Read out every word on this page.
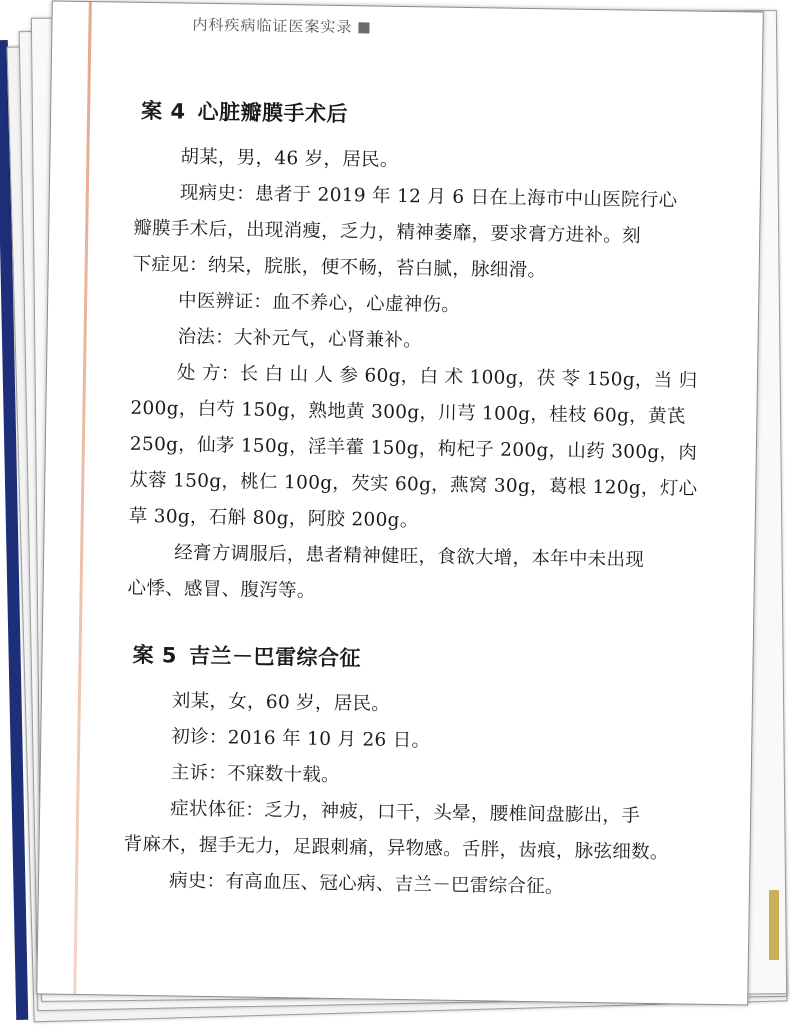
内科疾病临证医案实录
案 4 心脏瓣膜手术后

胡某，男，46 岁，居民。

现病史：患者于 2019 年 12 月 6 日在上海市中山医院行心

瓣膜手术后，出现消瘦，乏力，精神萎靡，要求膏方进补。刻

下症见：纳呆，脘胀，便不畅，苔白腻，脉细滑。

中医辨证：血不养心，心虚神伤。

治法：大补元气，心肾兼补。

处 方：长 白 山 人 参 60g，白 术 100g，茯 苓 150g，当 归

200g，白芍 150g，熟地黄 300g，川芎 100g，桂枝 60g，黄芪

250g，仙茅 150g，淫羊藿 150g，枸杞子 200g，山药 300g，肉

苁蓉 150g，桃仁 100g，芡实 60g，燕窝 30g，葛根 120g，灯心

草 30g，石斛 80g，阿胶 200g。

经膏方调服后，患者精神健旺，食欲大增，本年中未出现

心悸、感冒、腹泻等。

案 5 吉兰－巴雷综合征

刘某，女，60 岁，居民。

初诊：2016 年 10 月 26 日。

主诉：不寐数十载。

症状体征：乏力，神疲，口干，头晕，腰椎间盘膨出，手

背麻木，握手无力，足跟刺痛，异物感。舌胖，齿痕，脉弦细数。

病史：有高血压、冠心病、吉兰－巴雷综合征。
